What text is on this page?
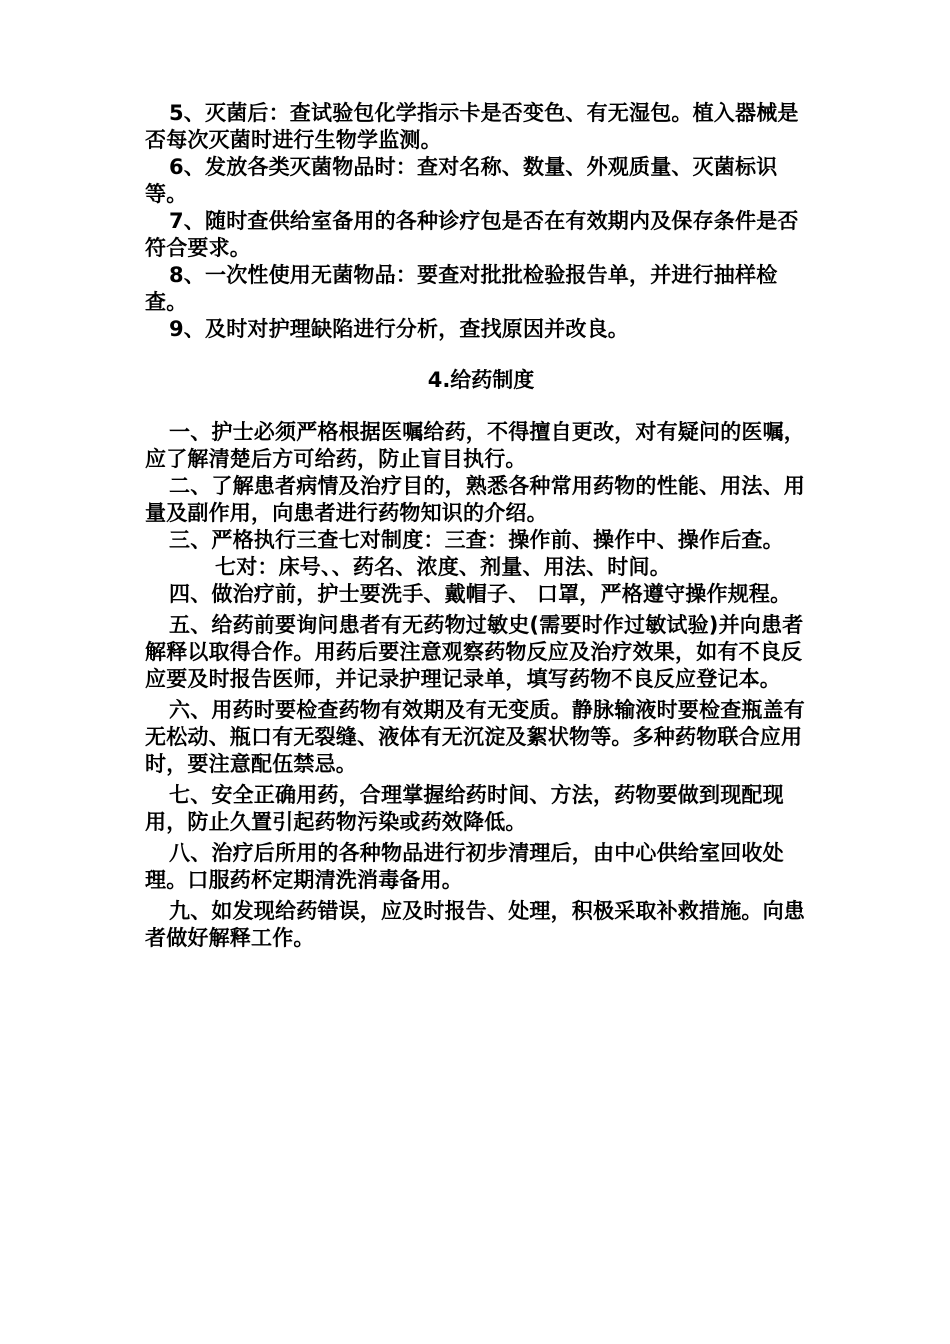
5、灭菌后：查试验包化学指示卡是否变色、有无湿包。植入器械是否每次灭菌时进行生物学监测。

6、发放各类灭菌物品时：查对名称、数量、外观质量、灭菌标识等。

7、随时查供给室备用的各种诊疗包是否在有效期内及保存条件是否符合要求。

8、一次性使用无菌物品：要查对批批检验报告单，并进行抽样检查。

9、及时对护理缺陷进行分析，查找原因并改良。

4.给药制度

一、护士必须严格根据医嘱给药，不得擅自更改，对有疑问的医嘱，应了解清楚后方可给药，防止盲目执行。

二、了解患者病情及治疗目的，熟悉各种常用药物的性能、用法、用量及副作用，向患者进行药物知识的介绍。

三、严格执行三查七对制度：三查：操作前、操作中、操作后查。

七对：床号、、药名、浓度、剂量、用法、时间。

四、做治疗前，护士要洗手、戴帽子、 口罩，严格遵守操作规程。

五、给药前要询问患者有无药物过敏史(需要时作过敏试验)并向患者解释以取得合作。用药后要注意观察药物反应及治疗效果，如有不良反应要及时报告医师，并记录护理记录单，填写药物不良反应登记本。

六、用药时要检查药物有效期及有无变质。静脉输液时要检查瓶盖有无松动、瓶口有无裂缝、液体有无沉淀及絮状物等。多种药物联合应用时，要注意配伍禁忌。

七、安全正确用药，合理掌握给药时间、方法，药物要做到现配现用，防止久置引起药物污染或药效降低。

八、治疗后所用的各种物品进行初步清理后，由中心供给室回收处理。口服药杯定期清洗消毒备用。

九、如发现给药错误，应及时报告、处理，积极采取补救措施。向患者做好解释工作。
